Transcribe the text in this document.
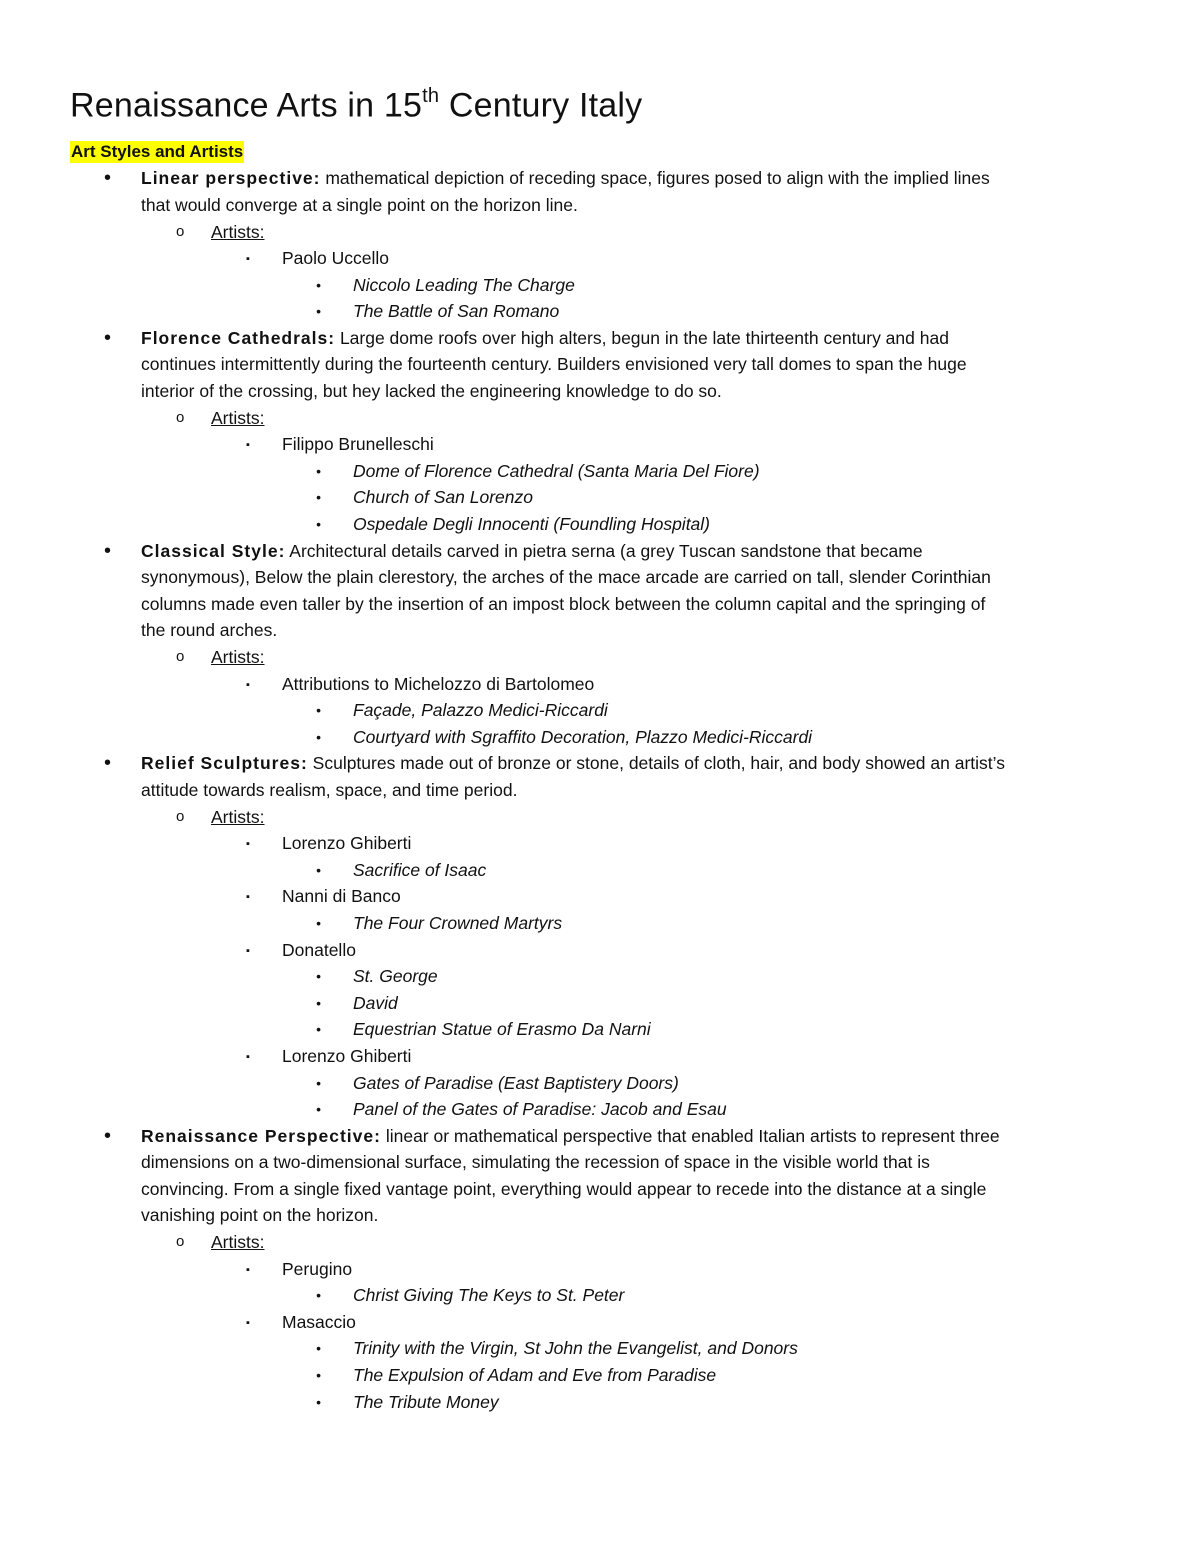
Renaissance Arts in 15th Century Italy
Art Styles and Artists
• Linear perspective: mathematical depiction of receding space, figures posed to align with the implied lines
that would converge at a single point on the horizon line.
o Artists:
▪ Paolo Uccello
• Niccolo Leading The Charge
• The Battle of San Romano
• Florence Cathedrals: Large dome roofs over high alters, begun in the late thirteenth century and had
continues intermittently during the fourteenth century. Builders envisioned very tall domes to span the huge
interior of the crossing, but hey lacked the engineering knowledge to do so.
o Artists:
▪ Filippo Brunelleschi
• Dome of Florence Cathedral (Santa Maria Del Fiore)
• Church of San Lorenzo
• Ospedale Degli Innocenti (Foundling Hospital)
• Classical Style: Architectural details carved in pietra serna (a grey Tuscan sandstone that became
synonymous), Below the plain clerestory, the arches of the mace arcade are carried on tall, slender Corinthian
columns made even taller by the insertion of an impost block between the column capital and the springing of
the round arches.
o Artists:
▪ Attributions to Michelozzo di Bartolomeo
• Façade, Palazzo Medici-Riccardi
• Courtyard with Sgraffito Decoration, Plazzo Medici-Riccardi
• Relief Sculptures: Sculptures made out of bronze or stone, details of cloth, hair, and body showed an artist’s
attitude towards realism, space, and time period.
o Artists:
▪ Lorenzo Ghiberti
• Sacrifice of Isaac
▪ Nanni di Banco
• The Four Crowned Martyrs
▪ Donatello
• St. George
• David
• Equestrian Statue of Erasmo Da Narni
▪ Lorenzo Ghiberti
• Gates of Paradise (East Baptistery Doors)
• Panel of the Gates of Paradise: Jacob and Esau
• Renaissance Perspective: linear or mathematical perspective that enabled Italian artists to represent three
dimensions on a two-dimensional surface, simulating the recession of space in the visible world that is
convincing. From a single fixed vantage point, everything would appear to recede into the distance at a single
vanishing point on the horizon.
o Artists:
▪ Perugino
• Christ Giving The Keys to St. Peter
▪ Masaccio
• Trinity with the Virgin, St John the Evangelist, and Donors
• The Expulsion of Adam and Eve from Paradise
• The Tribute Money
